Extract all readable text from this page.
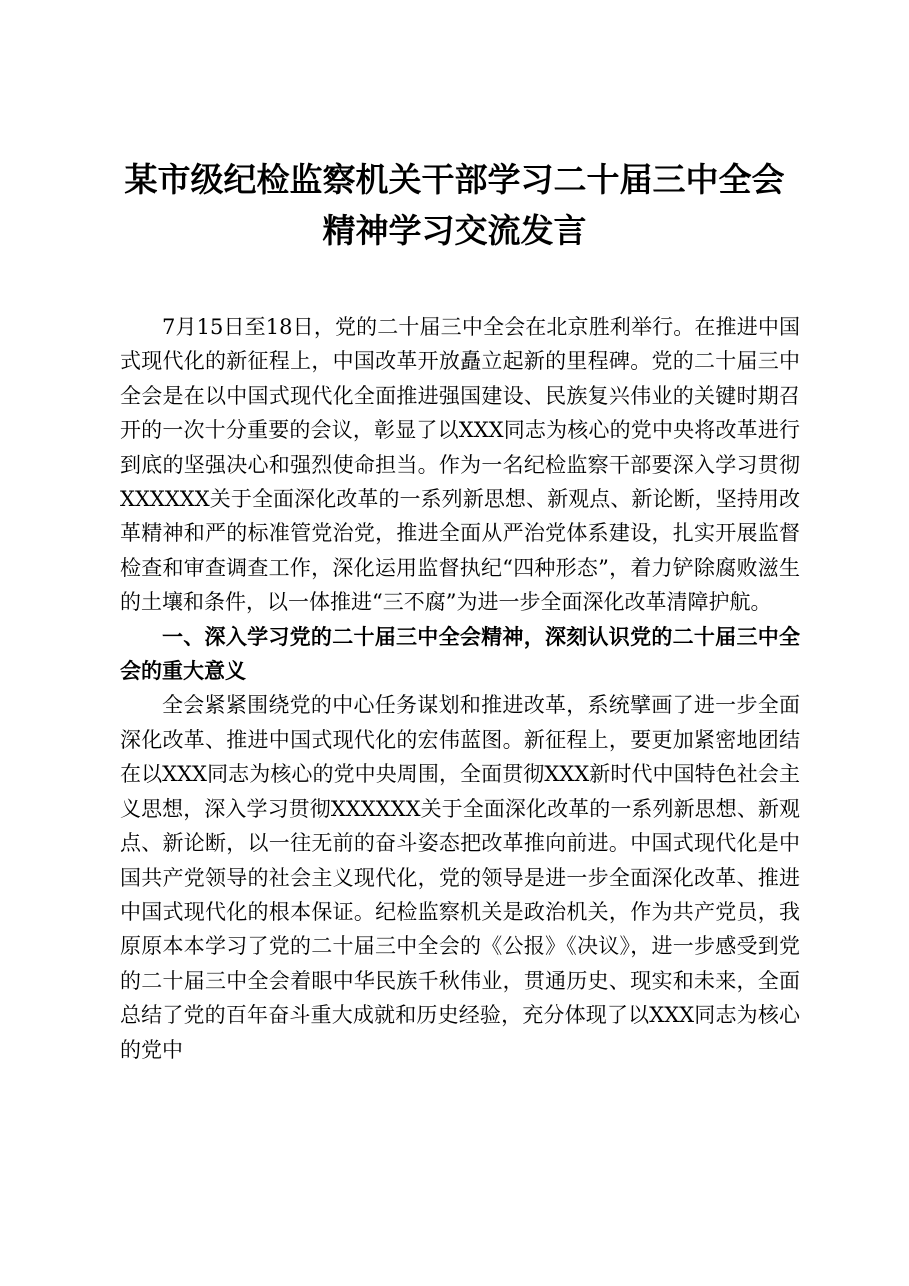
某市级纪检监察机关干部学习二十届三中全会
精神学习交流发言

7月15日至18日，党的二十届三中全会在北京胜利举行。在推进中国式现代化的新征程上，中国改革开放矗立起新的里程碑。党的二十届三中全会是在以中国式现代化全面推进强国建设、民族复兴伟业的关键时期召开的一次十分重要的会议，彰显了以XXX同志为核心的党中央将改革进行到底的坚强决心和强烈使命担当。作为一名纪检监察干部要深入学习贯彻XXXXXX关于全面深化改革的一系列新思想、新观点、新论断，坚持用改革精神和严的标准管党治党，推进全面从严治党体系建设，扎实开展监督检查和审查调查工作，深化运用监督执纪“四种形态”，着力铲除腐败滋生的土壤和条件，以一体推进“三不腐”为进一步全面深化改革清障护航。

一、深入学习党的二十届三中全会精神，深刻认识党的二十届三中全会的重大意义

全会紧紧围绕党的中心任务谋划和推进改革，系统擘画了进一步全面深化改革、推进中国式现代化的宏伟蓝图。新征程上，要更加紧密地团结在以XXX同志为核心的党中央周围，全面贯彻XXX新时代中国特色社会主义思想，深入学习贯彻XXXXXX关于全面深化改革的一系列新思想、新观点、新论断，以一往无前的奋斗姿态把改革推向前进。中国式现代化是中国共产党领导的社会主义现代化，党的领导是进一步全面深化改革、推进中国式现代化的根本保证。纪检监察机关是政治机关，作为共产党员，我原原本本学习了党的二十届三中全会的《公报》《决议》，进一步感受到党的二十届三中全会着眼中华民族千秋伟业，贯通历史、现实和未来，全面总结了党的百年奋斗重大成就和历史经验，充分体现了以XXX同志为核心的党中
